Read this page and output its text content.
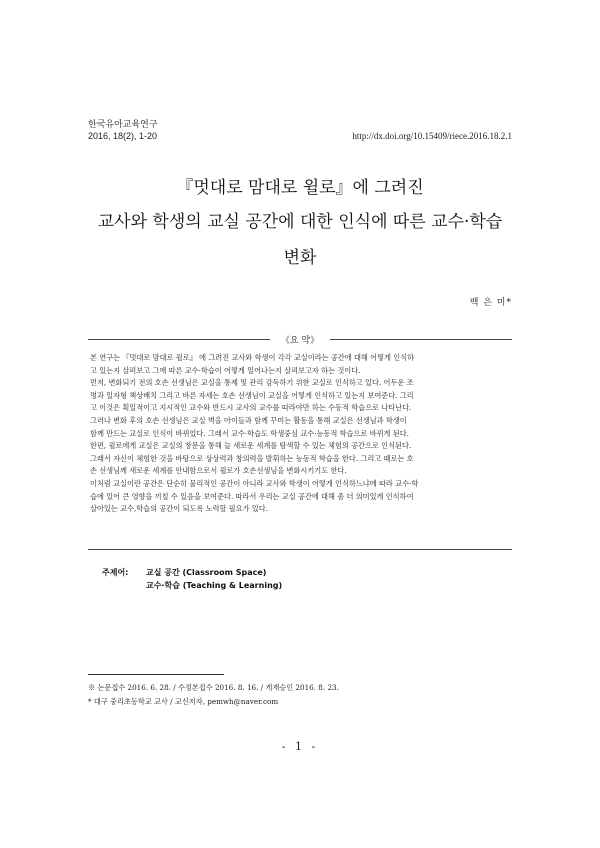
한국유아교육연구
2016, 18(2), 1-20	http://dx.doi.org/10.15409/riece.2016.18.2.1
『멋대로 맘대로 윌로』에 그려진
교사와 학생의 교실 공간에 대한 인식에 따른 교수·학습
변화
백 은 미*
《요 약》

본 연구는 『멋대로 맘대로 윌로』 에 그려진 교사와 학생이 각각 교실이라는 공간에 대해 어떻게 인식하

고 있는지 살펴보고 그에 따른 교수·학습이 어떻게 일어나는지 살펴보고자 하는 것이다.

먼저, 변화되기 전의 호손 선생님은 교실을 통제 및 관리 감독하기 위한 교실로 인식하고 있다. 어두운 조

명과 일자형 책상배치 그리고 바른 자세는 호손 선생님이 교실을 어떻게 인식하고 있는지 보여준다. 그리

고 이것은 획일적이고 지시적인 교수와 반드시 교사의 교수를 따라야만 하는 수동적 학습으로 나타난다.

그러나 변화 후의 호손 선생님은 교실 벽을 아이들과 함께 꾸미는 활동을 통해 교실은 선생님과 학생이

함께 만드는 교실로 인식이 바뀌었다. 그래서 교수·학습도 학생중심 교수·능동적 학습으로 바뀌게 된다.

한편, 윌로에게 교실은 교실의 창문을 통해 늘 새로운 세계를 탐색할 수 있는 체험의 공간으로 인식된다.

그래서 자신이 체험한 것을 바탕으로 상상력과 창의력을 발휘하는 능동적 학습을 한다. 그리고 때로는 호

손 선생님께 새로운 세계를 안내함으로서 윌로가 호손선생님을 변화시키기도 한다.

이처럼 교실이란 공간은 단순히 물리적인 공간이 아니라 교사와 학생이 어떻게 인식하느냐에 따라 교수·학

습에 있어 큰 영향을 끼칠 수 있음을 보여준다. 따라서 우리는 교실 공간에 대해 좀 더 의미있게 인식하여

살아있는 교수,학습의 공간이 되도록 노력할 필요가 있다.

주제어: 교실 공간 (Classroom Space)
교수·학습 (Teaching & Learning)
※ 논문접수 2016. 6. 28. / 수정본접수 2016. 8. 16. / 게재승인 2016. 8. 23.
* 대구 중리초등학교 교사 / 교신저자, pemwh@naver.com
- 1 -
